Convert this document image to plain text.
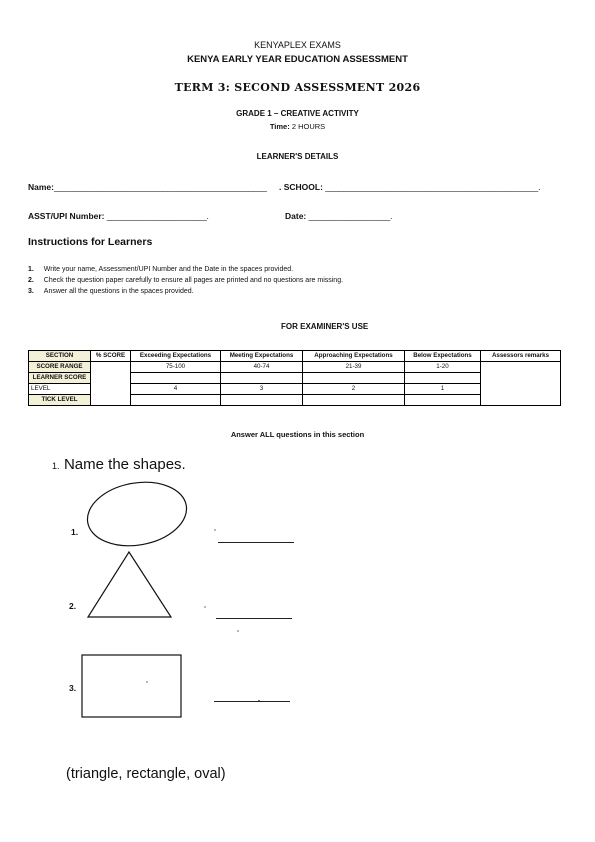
KENYAPLEX EXAMS
KENYA EARLY YEAR EDUCATION ASSESSMENT
TERM 3: SECOND ASSESSMENT 2026
GRADE 1 – CREATIVE ACTIVITY
Time: 2 HOURS
LEARNER'S DETAILS
Name:_______________________________________________ . SCHOOL: _______________________________________________.
ASST/UPI Number: ______________________.	Date: __________________.
Instructions for Learners
1. Write your name, Assessment/UPI Number and the Date in the spaces provided.
2. Check the question paper carefully to ensure all pages are printed and no questions are missing.
3. Answer all the questions in the spaces provided.
FOR EXAMINER'S USE
SECTION	% SCORE	Exceeding Expectations	Meeting Expectations	Approaching Expectations	Below Expectations	Assessors remarks
SCORE RANGE		75-100	40-74	21-39	1-20	
LEARNER SCORE						
LEVEL		4	3	2	1	
TICK LEVEL						
Answer ALL questions in this section
1. Name the shapes.
1.
2.
3.
(triangle, rectangle, oval)
